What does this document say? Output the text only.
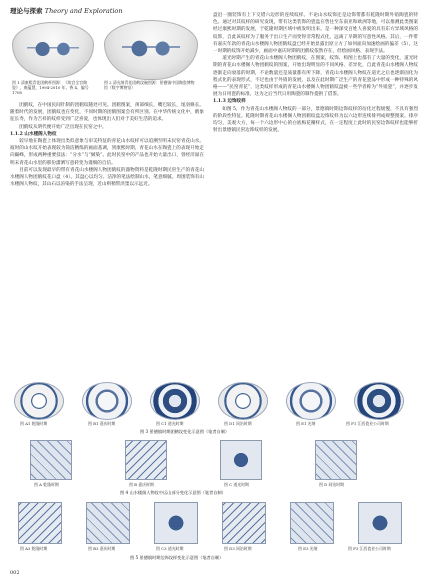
理论与探索 Theory and Exploration
图 1 清康熙青花团鹤杯图源：《故宫全宫陶瓷》，康蕴慧，1994-2010 年，香 4，编号 1708
图 2 清光绪青花团鹤纹碗图源：景德镇中国陶瓷博物馆（数字博物馆）

团鹤纹，在中国民间针制的团鹤纹随处可见。团鹤图案，颈部细长，嘴巴较长，尾羽修长。随着时代的发展，团鹤纹也在变化，不同时期的团鹤图案会有所区别。在中华传统文化中，鹤象征长寿，作为吉祥的纹样受到广泛喜爱，也体现出人们对于美好生活的追求。

团鹤纹从明代便开始广泛出现在民窑之中。

1.1.2 山水楼阁人物纹

较早地在陶瓷上体现出类似意象与审美特征的青花山水纹样可以追溯至明末民窑青花山水。彼时的山水纹开始表现较为简洁精练的画面基调，到康熙时期，青花山水在陶瓷上的表现开始走向巅峰，形成两种重要技法：“分水”与“皴染”。此时民窑中的产品也开始大量出口，曾经洋溢在明末青花山水里的那份潇洒写意转变为谨细的自信。

目前可以发现最早的带有青花山水楼阁人物团鹤纹的器物资料是乾隆时期民窑生产的青花山水楼阁人物团鹤纹花口盘（4）。其盘心以均匀、洁净的笔法绘制山水，笔意细腻。周围装饰有山水楼阁人物纹，其山石以渲染的手法呈现，近山则稍带淡墨以示远近。

盘沿一圈装饰有上下交错六边形的连续纹样。不论山水纹饰还是边饰带都有乾隆时期外销陶瓷的特色。通过对其纹样的研究发现，带有这类装饰的瓷盘在售往至东南亚和欧洲等地，可以推测此类图案经过康熙时期的发展，于乾隆时期区域中被发明出来。是一种深受百姓人喜爱的具有东方异域风格的纹饰，自此该纹样为了服务于出口生产而变得非常程式化，远离了早期的写意性风格。其后，一件带有嘉庆年款的青花山水楼阁人物团鹤纹盘已经开始显露出原立方了如何面向加速绘画的偏差（5）。这一时期的纹饰开始减少，画面中嘉庆时期的团鹤纹依然存在，但绘画风格、表现手法。

道光时期产生的青花山水楼阁人物团鹤纹，在图案、纹饰、构图上也都有了大量的变化，道光时期的青花山水楼阁人物团鹤纹的图案，开始出现明显的不同风格、差异化，自此青花山水楼阁人物纹逐渐走向衰落的时期，不论数量还是质量都有所下降，青花山水楼阁人物纹在道光之后也逐渐固化为程式化的表现形式，不过也由于外销的发展，以及在此时期广泛生产的青花瓷品中形成一种特殊的风格——“民窑青花”，这类纹样形成的青花山水楼阁人物团鹤纹盘被一些学者称为“外销瓷”，并逐步发展为日用瓷的标准，这为之后当代日用陶瓷的制作提供了借鉴。

1.1.3 边饰纹样

如图 5，作为青花山水楼阁人物纹的一部分，景德镇时期边饰纹样的衍化过程缓慢，不具有强烈的阶段性特征。乾隆时期青花山水楼阁人物团鹤纹盘边饰纹样为以六边形连续排列成规整图案。排序均匀，美观大方，每一个六边形中心的白底梅花瓣样式，在一定程度上此时的民窑边饰纹样也能够折射出景德镇民窑边饰纹样的发展。

图 A1 乾隆时期	图 B1 嘉庆时期	图 C1 道光时期	图 D1 同治时期	图 E1 光绪	图 F1 江西瓷业公司时期
图 3 景德镇时期团鹤纹变化示意图（笔者自制）
图 A 乾隆时期	图 B 嘉庆时期	图 C 道光时期	图 D 同治时期
图 4 山水楼阁人物纹中远山部分变化示意图（笔者自制）
图 A3 乾隆时期	图 B3 嘉庆时期	图 C3 道光时期	图 D3 同治时期	图 E3 光绪	图 F3 江西瓷业公司时期
图 5 景德镇时期边饰纹样变化示意图（笔者自制）
002
